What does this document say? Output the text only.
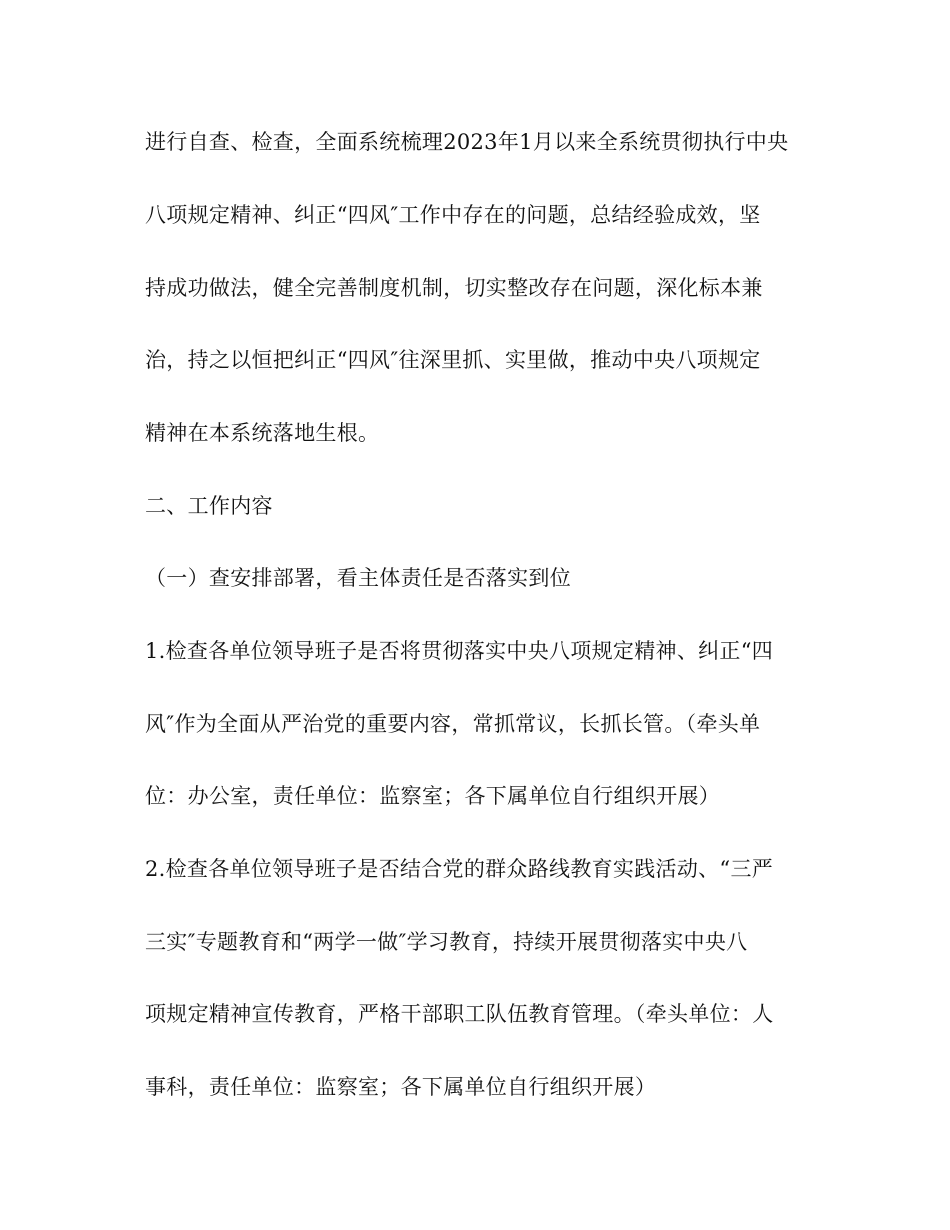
进行自查、检查，全面系统梳理2023年1月以来全系统贯彻执行中央
八项规定精神、纠正“四风″工作中存在的问题，总结经验成效，坚
持成功做法，健全完善制度机制，切实整改存在问题，深化标本兼
治，持之以恒把纠正“四风″往深里抓、实里做，推动中央八项规定
精神在本系统落地生根。
二、工作内容
（一）查安排部署，看主体责任是否落实到位
1.检查各单位领导班子是否将贯彻落实中央八项规定精神、纠正“四
风″作为全面从严治党的重要内容，常抓常议，长抓长管。（牵头单
位：办公室，责任单位：监察室；各下属单位自行组织开展）
2.检查各单位领导班子是否结合党的群众路线教育实践活动、“三严
三实″专题教育和“两学一做″学习教育，持续开展贯彻落实中央八
项规定精神宣传教育，严格干部职工队伍教育管理。（牵头单位：人
事科，责任单位：监察室；各下属单位自行组织开展）
